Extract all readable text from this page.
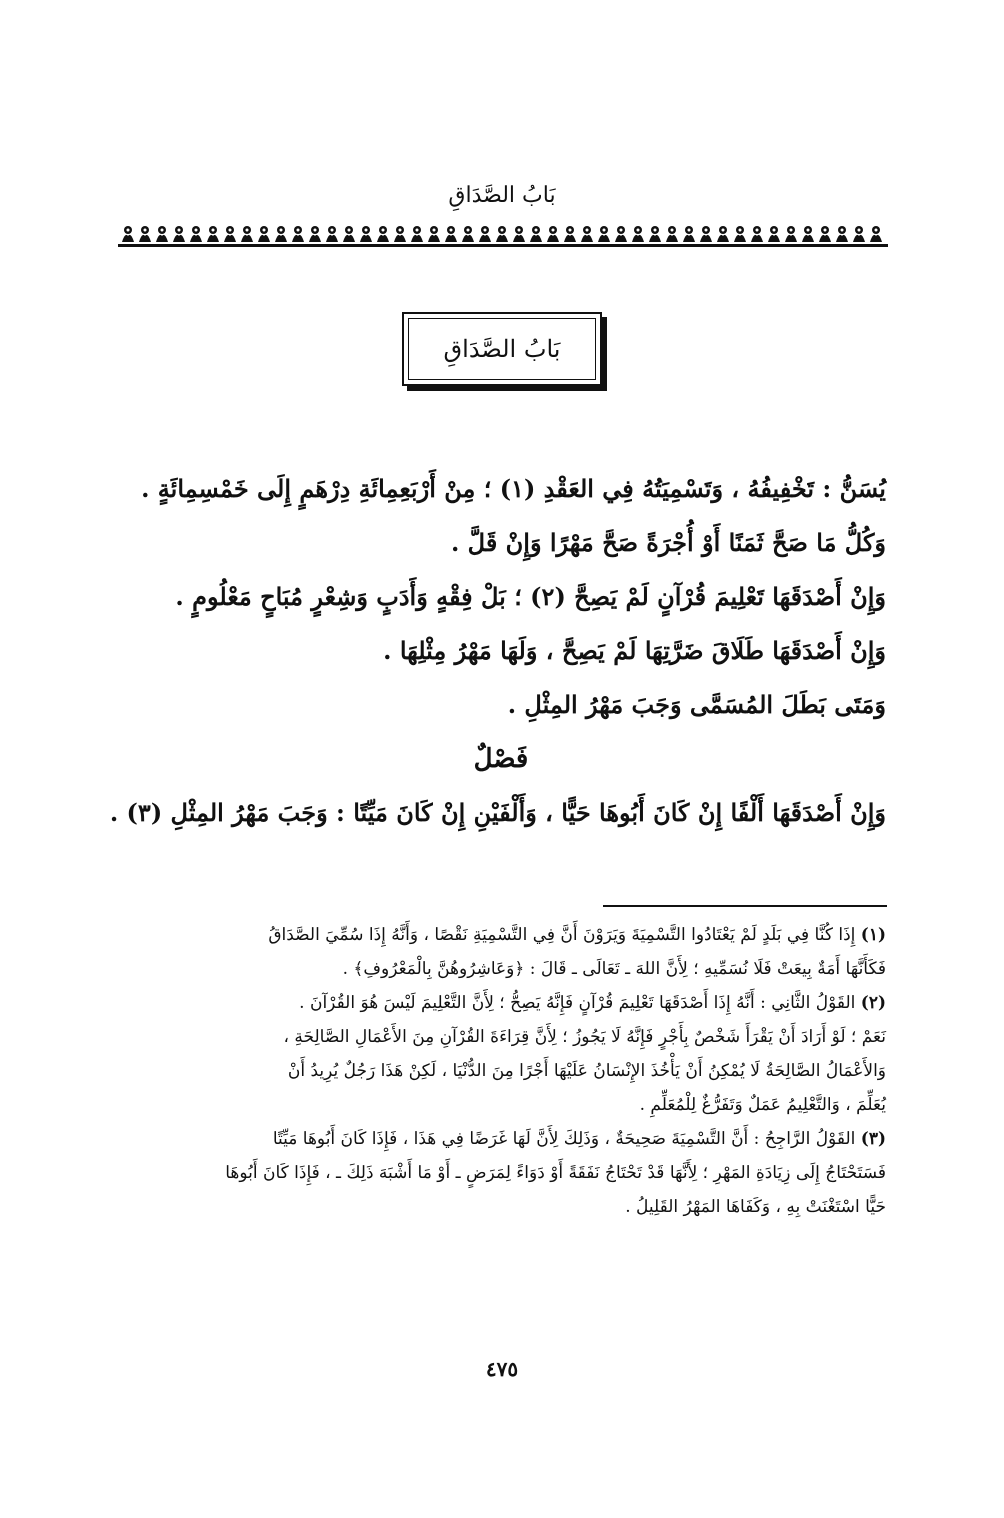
بَابُ الصَّدَاقِ
بَابُ الصَّدَاقِ
يُسَنُّ : تَخْفِيفُهُ ، وَتَسْمِيَتُهُ فِي العَقْدِ (١) ؛ مِنْ أَرْبَعِمِائَةِ دِرْهَمٍ إِلَى خَمْسِمِائَةٍ .
وَكُلُّ مَا صَحَّ ثَمَنًا أَوْ أُجْرَةً صَحَّ مَهْرًا وَإِنْ قَلَّ .
وَإِنْ أَصْدَقَهَا تَعْلِيمَ قُرْآنٍ لَمْ يَصِحَّ (٢) ؛ بَلْ فِقْهٍ وَأَدَبٍ وَشِعْرٍ مُبَاحٍ مَعْلُومٍ .
وَإِنْ أَصْدَقَهَا طَلَاقَ ضَرَّتِهَا لَمْ يَصِحَّ ، وَلَهَا مَهْرُ مِثْلِهَا .
وَمَتَى بَطَلَ المُسَمَّى وَجَبَ مَهْرُ المِثْلِ .
فَصْلٌ
وَإِنْ أَصْدَقَهَا أَلْفًا إِنْ كَانَ أَبُوهَا حَيًّا ، وَأَلْفَيْنِ إِنْ كَانَ مَيِّتًا : وَجَبَ مَهْرُ المِثْلِ (٣) .
(١) إِذَا كُنَّا فِي بَلَدٍ لَمْ يَعْتَادُوا التَّسْمِيَةَ وَيَرَوْنَ أَنَّ فِي التَّسْمِيَةِ نَقْصًا ، وَأَنَّهُ إِذَا سُمِّيَ الصَّدَاقُ
فَكَأَنَّهَا أَمَةٌ بِيعَتْ فَلَا نُسَمِّيهِ ؛ لِأَنَّ اللهَ ـ تَعَالَى ـ قَالَ : ﴿وَعَاشِرُوهُنَّ بِالْمَعْرُوفِ﴾ .
(٢) القَوْلُ الثَّانِي : أَنَّهُ إِذَا أَصْدَقَهَا تَعْلِيمَ قُرْآنٍ فَإِنَّهُ يَصِحُّ ؛ لِأَنَّ التَّعْلِيمَ لَيْسَ هُوَ القُرْآنَ .
نَعَمْ ؛ لَوْ أَرَادَ أَنْ يَقْرَأَ شَخْصٌ بِأَجْرٍ فَإِنَّهُ لَا يَجُوزُ ؛ لِأَنَّ قِرَاءَةَ القُرْآنِ مِنَ الأَعْمَالِ الصَّالِحَةِ ،
وَالأَعْمَالُ الصَّالِحَةُ لَا يُمْكِنُ أَنْ يَأْخُذَ الإِنْسَانُ عَلَيْهَا أَجْرًا مِنَ الدُّنْيَا ، لَكِنْ هَذَا رَجُلٌ يُرِيدُ أَنْ
يُعَلِّمَ ، وَالتَّعْلِيمُ عَمَلٌ وَتَفَرُّغٌ لِلْمُعَلِّمِ .
(٣) القَوْلُ الرَّاجِحُ : أَنَّ التَّسْمِيَةَ صَحِيحَةٌ ، وَذَلِكَ لِأَنَّ لَهَا غَرَضًا فِي هَذَا ، فَإِذَا كَانَ أَبُوهَا مَيِّتًا
فَسَتَحْتَاجُ إِلَى زِيَادَةِ المَهْرِ ؛ لِأَنَّهَا قَدْ تَحْتَاجُ نَفَقَةً أَوْ دَوَاءً لِمَرَضٍ ـ أَوْ مَا أَشْبَهَ ذَلِكَ ـ ، فَإِذَا كَانَ أَبُوهَا
حَيًّا اسْتَغْنَتْ بِهِ ، وَكَفَاهَا المَهْرُ القَلِيلُ .
٤٧٥
